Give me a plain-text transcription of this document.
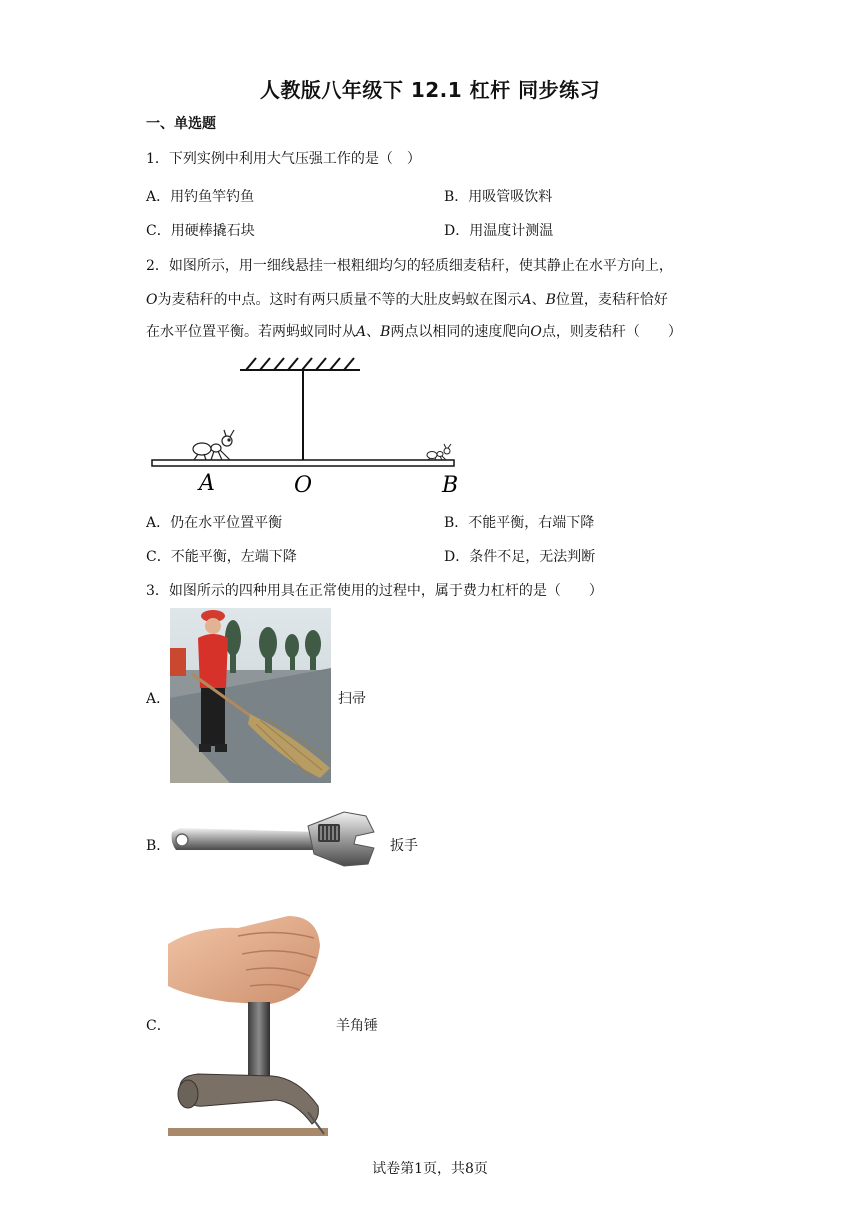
人教版八年级下 12.1 杠杆 同步练习
一、单选题
1．下列实例中利用大气压强工作的是（　）
A．用钓鱼竿钓鱼	B．用吸管吸饮料
C．用硬棒撬石块	D．用温度计测温
2．如图所示，用一细线悬挂一根粗细均匀的轻质细麦秸秆，使其静止在水平方向上，
O为麦秸秆的中点。这时有两只质量不等的大肚皮蚂蚁在图示A、B位置，麦秸秆恰好
在水平位置平衡。若两蚂蚁同时从A、B两点以相同的速度爬向O点，则麦秸秆（　　）
A	O	B
A．仍在水平位置平衡	B．不能平衡，右端下降
C．不能平衡，左端下降	D．条件不足，无法判断
3．如图所示的四种用具在正常使用的过程中，属于费力杠杆的是（　　）
A．	扫帚
B．	扳手
C．	羊角锤
试卷第1页，共8页
